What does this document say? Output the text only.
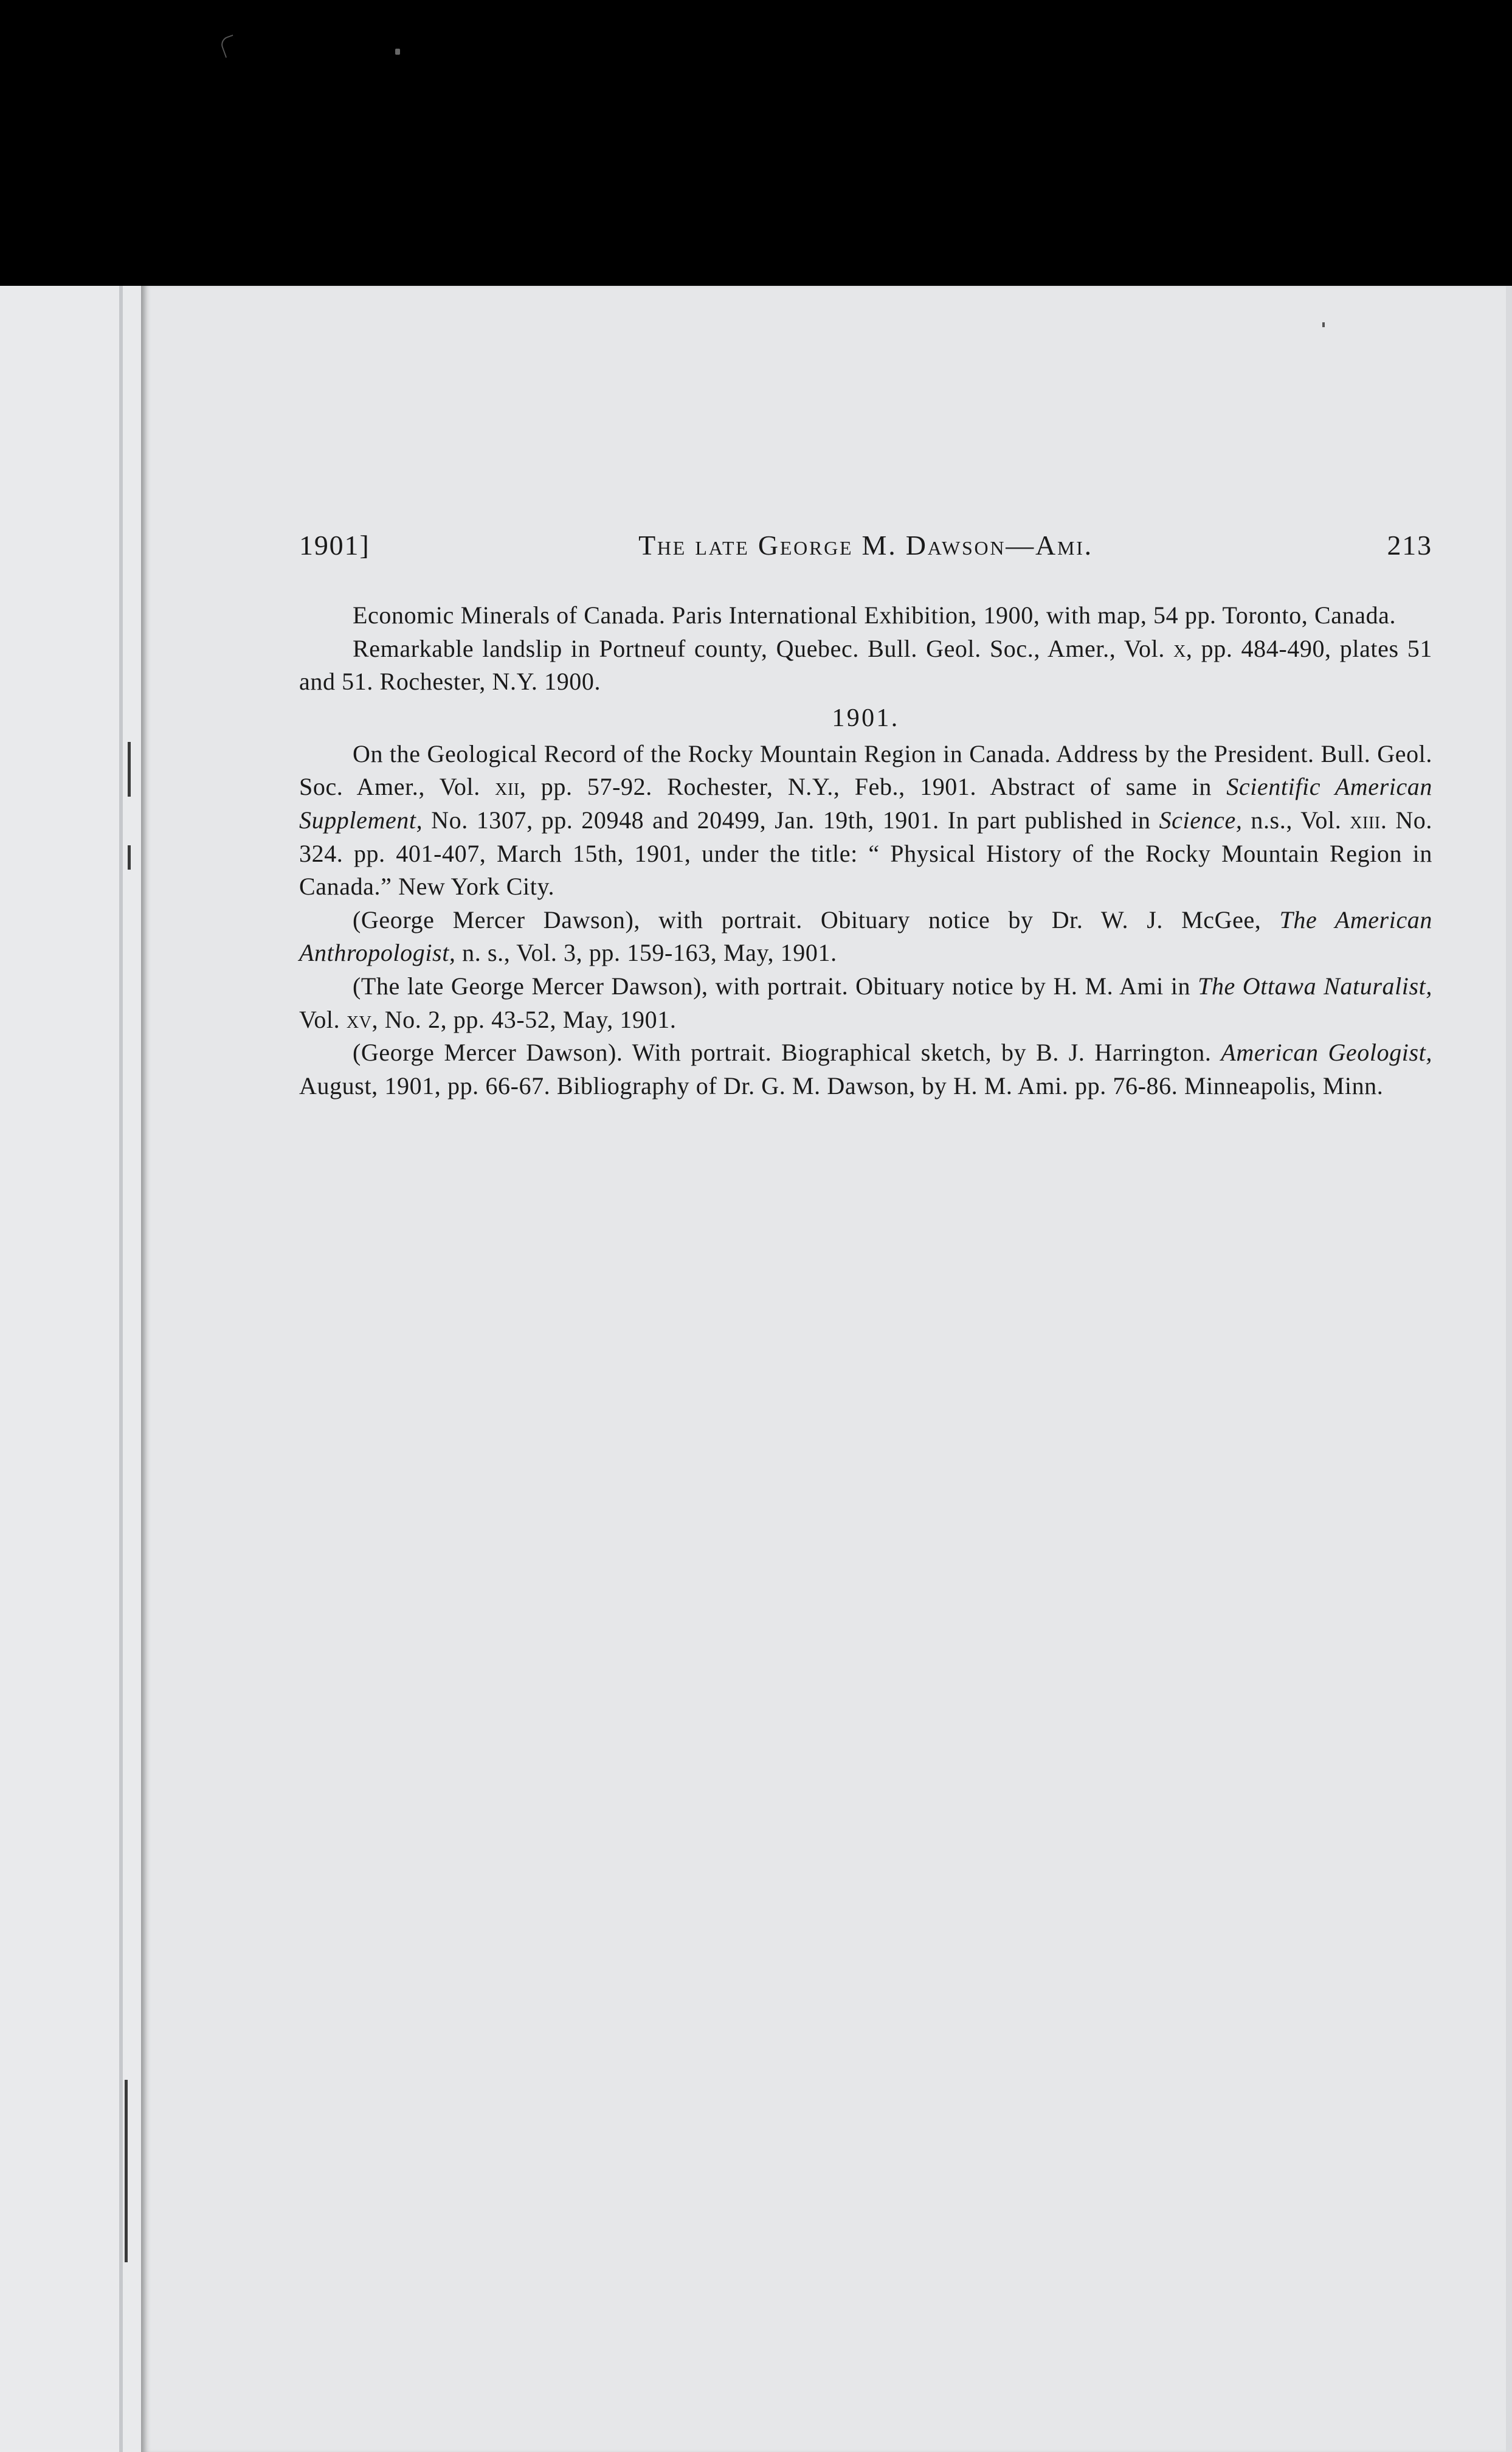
1901]	The late George M. Dawson—Ami.	213

Economic Minerals of Canada. Paris International Exhibition, 1900, with map, 54 pp. Toronto, Canada.

Remarkable landslip in Portneuf county, Quebec. Bull. Geol. Soc., Amer., Vol. x, pp. 484-490, plates 51 and 51. Rochester, N.Y. 1900.

1901.

On the Geological Record of the Rocky Mountain Region in Canada. Address by the President. Bull. Geol. Soc. Amer., Vol. xii, pp. 57-92. Rochester, N.Y., Feb., 1901. Abstract of same in Scientific American Supplement, No. 1307, pp. 20948 and 20499, Jan. 19th, 1901. In part published in Science, n.s., Vol. xiii. No. 324. pp. 401-407, March 15th, 1901, under the title: “ Physical History of the Rocky Mountain Region in Canada.” New York City.

(George Mercer Dawson), with portrait. Obituary notice by Dr. W. J. McGee, The American Anthropologist, n. s., Vol. 3, pp. 159-163, May, 1901.

(The late George Mercer Dawson), with portrait. Obituary notice by H. M. Ami in The Ottawa Naturalist, Vol. xv, No. 2, pp. 43-52, May, 1901.

(George Mercer Dawson). With portrait. Biographical sketch, by B. J. Harrington. American Geologist, August, 1901, pp. 66-67. Bibliography of Dr. G. M. Dawson, by H. M. Ami. pp. 76-86. Minneapolis, Minn.
